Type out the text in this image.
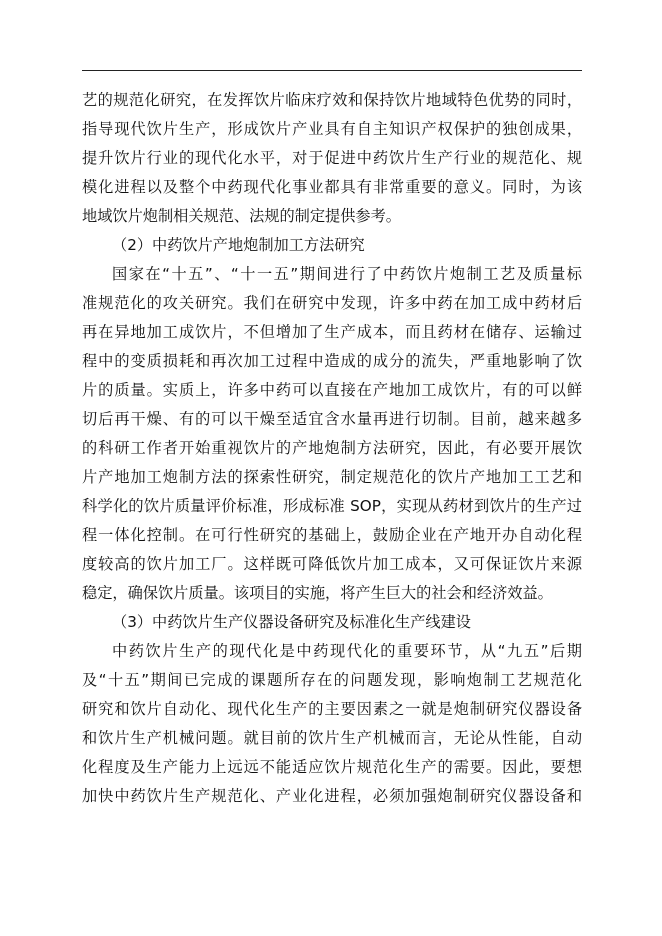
艺的规范化研究，在发挥饮片临床疗效和保持饮片地域特色优势的同时，
指导现代饮片生产，形成饮片产业具有自主知识产权保护的独创成果，
提升饮片行业的现代化水平，对于促进中药饮片生产行业的规范化、规
模化进程以及整个中药现代化事业都具有非常重要的意义。同时，为该
地域饮片炮制相关规范、法规的制定提供参考。
（2）中药饮片产地炮制加工方法研究
国家在“十五”、“十一五”期间进行了中药饮片炮制工艺及质量标
准规范化的攻关研究。我们在研究中发现，许多中药在加工成中药材后
再在异地加工成饮片，不但增加了生产成本，而且药材在储存、运输过
程中的变质损耗和再次加工过程中造成的成分的流失，严重地影响了饮
片的质量。实质上，许多中药可以直接在产地加工成饮片，有的可以鲜
切后再干燥、有的可以干燥至适宜含水量再进行切制。目前，越来越多
的科研工作者开始重视饮片的产地炮制方法研究，因此，有必要开展饮
片产地加工炮制方法的探索性研究，制定规范化的饮片产地加工工艺和
科学化的饮片质量评价标准，形成标准 SOP，实现从药材到饮片的生产过
程一体化控制。在可行性研究的基础上，鼓励企业在产地开办自动化程
度较高的饮片加工厂。这样既可降低饮片加工成本，又可保证饮片来源
稳定，确保饮片质量。该项目的实施，将产生巨大的社会和经济效益。
（3）中药饮片生产仪器设备研究及标准化生产线建设
中药饮片生产的现代化是中药现代化的重要环节，从“九五”后期
及“十五”期间已完成的课题所存在的问题发现，影响炮制工艺规范化
研究和饮片自动化、现代化生产的主要因素之一就是炮制研究仪器设备
和饮片生产机械问题。就目前的饮片生产机械而言，无论从性能，自动
化程度及生产能力上远远不能适应饮片规范化生产的需要。因此，要想
加快中药饮片生产规范化、产业化进程，必须加强炮制研究仪器设备和
